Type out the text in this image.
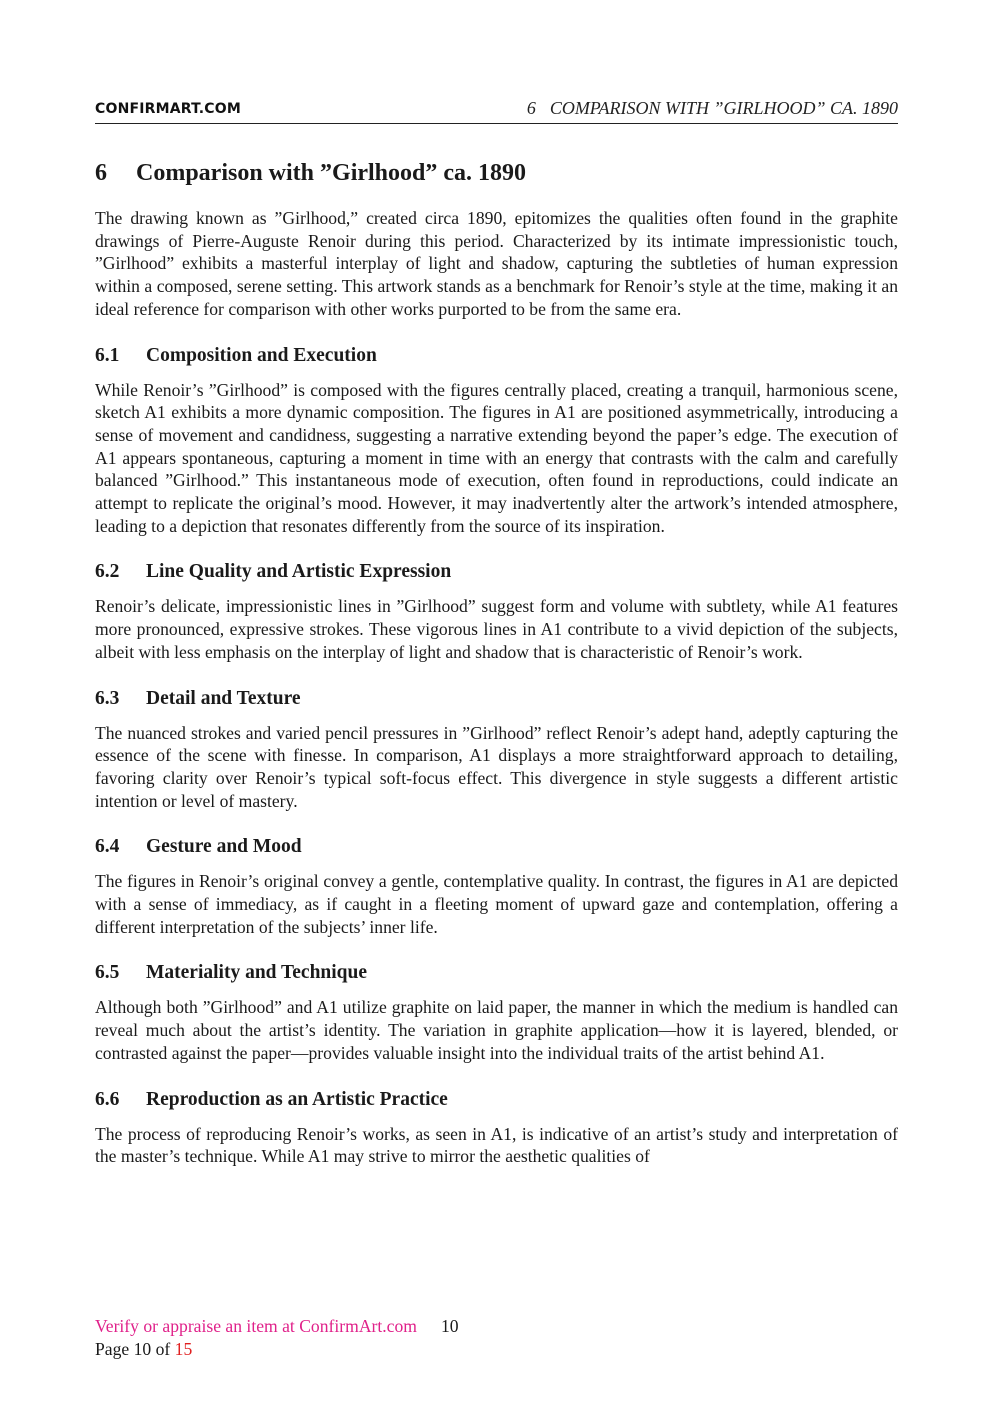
CONFIRMART.COM	6 COMPARISON WITH ”GIRLHOOD” CA. 1890
6 Comparison with ”Girlhood” ca. 1890

The drawing known as ”Girlhood,” created circa 1890, epitomizes the qualities often found in the graphite drawings of Pierre-Auguste Renoir during this period. Characterized by its intimate impressionistic touch, ”Girlhood” exhibits a masterful interplay of light and shadow, capturing the subtleties of human expression within a composed, serene setting. This artwork stands as a benchmark for Renoir’s style at the time, making it an ideal reference for comparison with other works purported to be from the same era.

6.1 Composition and Execution

While Renoir’s ”Girlhood” is composed with the figures centrally placed, creating a tranquil, harmonious scene, sketch A1 exhibits a more dynamic composition. The figures in A1 are positioned asymmetrically, introducing a sense of movement and candidness, suggesting a narrative extending beyond the paper’s edge. The execution of A1 appears spontaneous, capturing a moment in time with an energy that contrasts with the calm and carefully balanced ”Girlhood.” This instantaneous mode of execution, often found in reproductions, could indicate an attempt to replicate the original’s mood. However, it may inadvertently alter the artwork’s intended atmosphere, leading to a depiction that resonates differently from the source of its inspiration.

6.2 Line Quality and Artistic Expression

Renoir’s delicate, impressionistic lines in ”Girlhood” suggest form and volume with subtlety, while A1 features more pronounced, expressive strokes. These vigorous lines in A1 contribute to a vivid depiction of the subjects, albeit with less emphasis on the interplay of light and shadow that is characteristic of Renoir’s work.

6.3 Detail and Texture

The nuanced strokes and varied pencil pressures in ”Girlhood” reflect Renoir’s adept hand, adeptly capturing the essence of the scene with finesse. In comparison, A1 displays a more straightforward approach to detailing, favoring clarity over Renoir’s typical soft-focus effect. This divergence in style suggests a different artistic intention or level of mastery.

6.4 Gesture and Mood

The figures in Renoir’s original convey a gentle, contemplative quality. In contrast, the figures in A1 are depicted with a sense of immediacy, as if caught in a fleeting moment of upward gaze and contemplation, offering a different interpretation of the subjects’ inner life.

6.5 Materiality and Technique

Although both ”Girlhood” and A1 utilize graphite on laid paper, the manner in which the medium is handled can reveal much about the artist’s identity. The variation in graphite application—how it is layered, blended, or contrasted against the paper—provides valuable insight into the individual traits of the artist behind A1.

6.6 Reproduction as an Artistic Practice

The process of reproducing Renoir’s works, as seen in A1, is indicative of an artist’s study and interpretation of the master’s technique. While A1 may strive to mirror the aesthetic qualities of

Verify or appraise an item at ConfirmArt.com 10
Page 10 of 15
